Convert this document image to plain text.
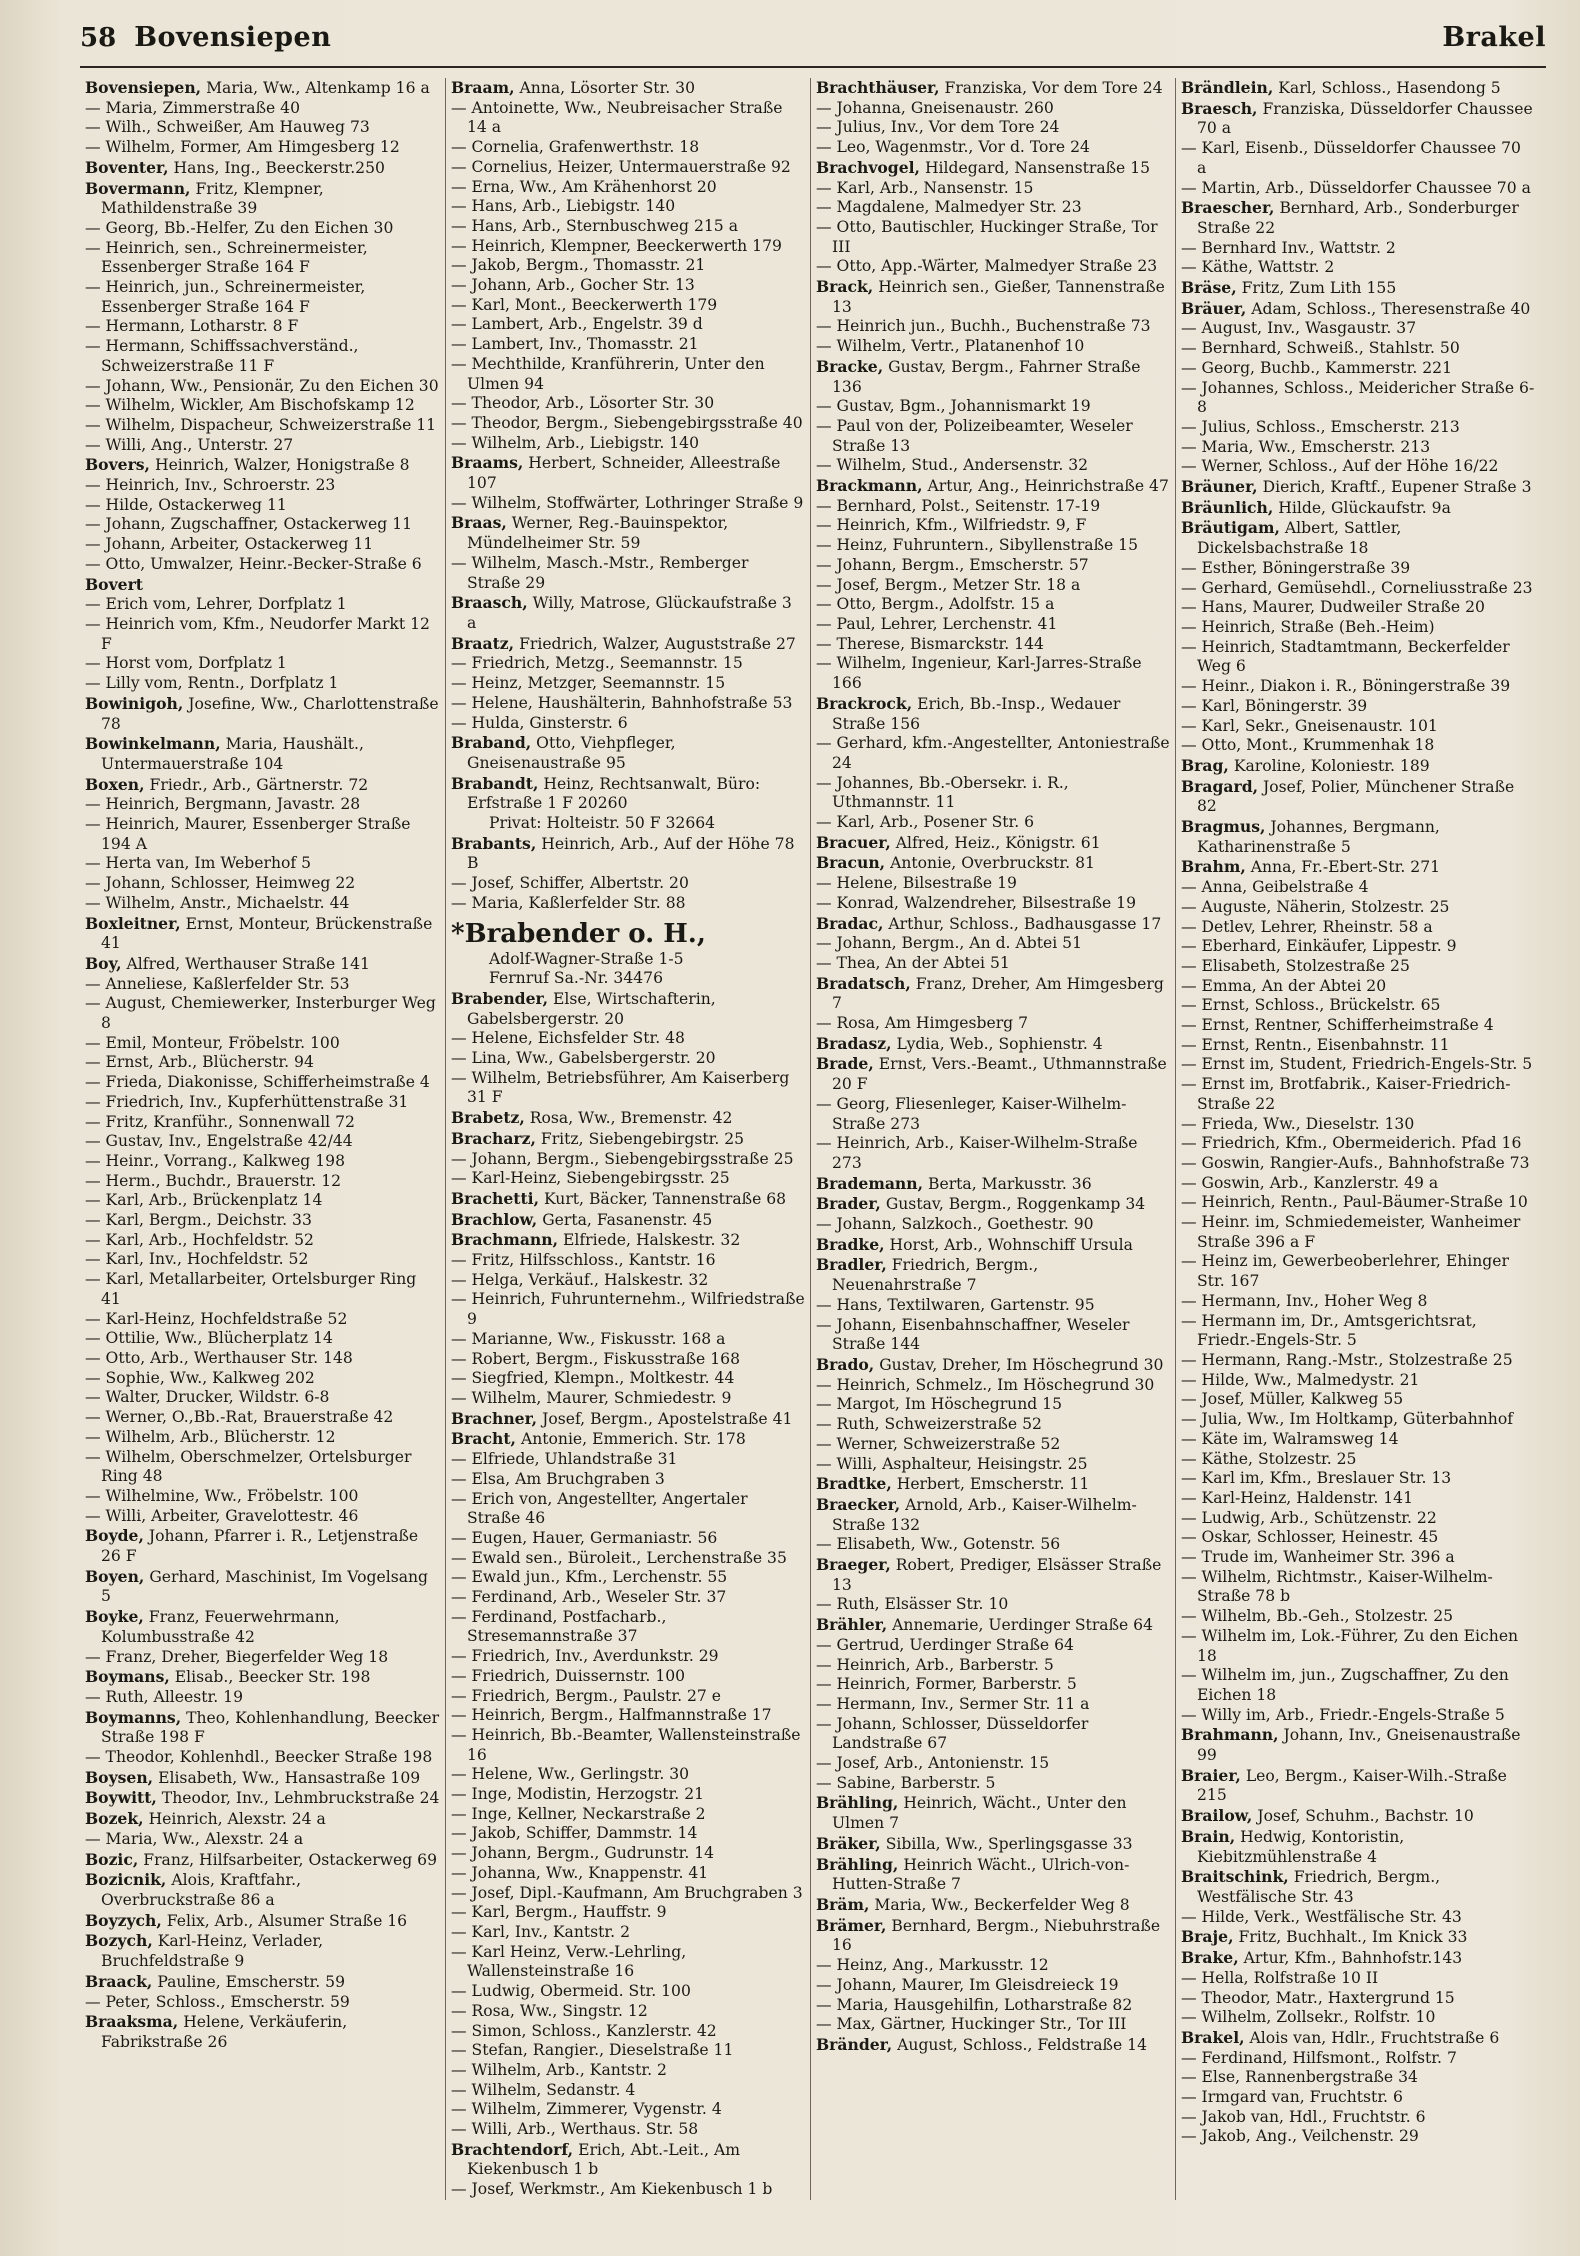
58 Bovensiepen	Brakel
Bovensiepen, Maria, Ww., Altenkamp 16 a
— Maria, Zimmerstraße 40
— Wilh., Schweißer, Am Hauweg 73
— Wilhelm, Former, Am Himgesberg 12
Boventer, Hans, Ing., Beeckerstr.250
Bovermann, Fritz, Klempner, Mathildenstraße 39
— Georg, Bb.-Helfer, Zu den Eichen 30
— Heinrich, sen., Schreinermeister, Essenberger Straße 164 F
— Heinrich, jun., Schreinermeister, Essenberger Straße 164 F
— Hermann, Lotharstr. 8 F
— Hermann, Schiffssachverständ., Schweizerstraße 11 F
— Johann, Ww., Pensionär, Zu den Eichen 30
— Wilhelm, Wickler, Am Bischofskamp 12
— Wilhelm, Dispacheur, Schweizerstraße 11
— Willi, Ang., Unterstr. 27
Bovers, Heinrich, Walzer, Honigstraße 8
— Heinrich, Inv., Schroerstr. 23
— Hilde, Ostackerweg 11
— Johann, Zugschaffner, Ostackerweg 11
— Johann, Arbeiter, Ostackerweg 11
— Otto, Umwalzer, Heinr.-Becker-Straße 6
Bovert
— Erich vom, Lehrer, Dorfplatz 1
— Heinrich vom, Kfm., Neudorfer Markt 12 F
— Horst vom, Dorfplatz 1
— Lilly vom, Rentn., Dorfplatz 1
Bowinigoh, Josefine, Ww., Charlottenstraße 78
Bowinkelmann, Maria, Haushält., Untermauerstraße 104
Boxen, Friedr., Arb., Gärtnerstr. 72
— Heinrich, Bergmann, Javastr. 28
— Heinrich, Maurer, Essenberger Straße 194 A
— Herta van, Im Weberhof 5
— Johann, Schlosser, Heimweg 22
— Wilhelm, Anstr., Michaelstr. 44
Boxleitner, Ernst, Monteur, Brückenstraße 41
Boy, Alfred, Werthauser Straße 141
— Anneliese, Kaßlerfelder Str. 53
— August, Chemiewerker, Insterburger Weg 8
— Emil, Monteur, Fröbelstr. 100
— Ernst, Arb., Blücherstr. 94
— Frieda, Diakonisse, Schifferheimstraße 4
— Friedrich, Inv., Kupferhüttenstraße 31
— Fritz, Kranführ., Sonnenwall 72
— Gustav, Inv., Engelstraße 42/44
— Heinr., Vorrang., Kalkweg 198
— Herm., Buchdr., Brauerstr. 12
— Karl, Arb., Brückenplatz 14
— Karl, Bergm., Deichstr. 33
— Karl, Arb., Hochfeldstr. 52
— Karl, Inv., Hochfeldstr. 52
— Karl, Metallarbeiter, Ortelsburger Ring 41
— Karl-Heinz, Hochfeldstraße 52
— Ottilie, Ww., Blücherplatz 14
— Otto, Arb., Werthauser Str. 148
— Sophie, Ww., Kalkweg 202
— Walter, Drucker, Wildstr. 6-8
— Werner, O.,Bb.-Rat, Brauerstraße 42
— Wilhelm, Arb., Blücherstr. 12
— Wilhelm, Oberschmelzer, Ortelsburger Ring 48
— Wilhelmine, Ww., Fröbelstr. 100
— Willi, Arbeiter, Gravelottestr. 46
Boyde, Johann, Pfarrer i. R., Letjenstraße 26 F
Boyen, Gerhard, Maschinist, Im Vogelsang 5
Boyke, Franz, Feuerwehrmann, Kolumbusstraße 42
— Franz, Dreher, Biegerfelder Weg 18
Boymans, Elisab., Beecker Str. 198
— Ruth, Alleestr. 19
Boymanns, Theo, Kohlenhandlung, Beecker Straße 198 F
— Theodor, Kohlenhdl., Beecker Straße 198
Boysen, Elisabeth, Ww., Hansastraße 109
Boywitt, Theodor, Inv., Lehmbruckstraße 24
Bozek, Heinrich, Alexstr. 24 a
— Maria, Ww., Alexstr. 24 a
Bozic, Franz, Hilfsarbeiter, Ostackerweg 69
Bozicnik, Alois, Kraftfahr., Overbruckstraße 86 a
Boyzych, Felix, Arb., Alsumer Straße 16
Bozych, Karl-Heinz, Verlader, Bruchfeldstraße 9
Braack, Pauline, Emscherstr. 59
— Peter, Schloss., Emscherstr. 59
Braaksma, Helene, Verkäuferin, Fabrikstraße 26
Braam, Anna, Lösorter Str. 30
— Antoinette, Ww., Neubreisacher Straße 14 a
— Cornelia, Grafenwerthstr. 18
— Cornelius, Heizer, Untermauerstraße 92
— Erna, Ww., Am Krähenhorst 20
— Hans, Arb., Liebigstr. 140
— Hans, Arb., Sternbuschweg 215 a
— Heinrich, Klempner, Beeckerwerth 179
— Jakob, Bergm., Thomasstr. 21
— Johann, Arb., Gocher Str. 13
— Karl, Mont., Beeckerwerth 179
— Lambert, Arb., Engelstr. 39 d
— Lambert, Inv., Thomasstr. 21
— Mechthilde, Kranführerin, Unter den Ulmen 94
— Theodor, Arb., Lösorter Str. 30
— Theodor, Bergm., Siebengebirgsstraße 40
— Wilhelm, Arb., Liebigstr. 140
Braams, Herbert, Schneider, Alleestraße 107
— Wilhelm, Stoffwärter, Lothringer Straße 9
Braas, Werner, Reg.-Bauinspektor, Mündelheimer Str. 59
— Wilhelm, Masch.-Mstr., Remberger Straße 29
Braasch, Willy, Matrose, Glückaufstraße 3 a
Braatz, Friedrich, Walzer, Auguststraße 27
— Friedrich, Metzg., Seemannstr. 15
— Heinz, Metzger, Seemannstr. 15
— Helene, Haushälterin, Bahnhofstraße 53
— Hulda, Ginsterstr. 6
Braband, Otto, Viehpfleger, Gneisenaustraße 95
Brabandt, Heinz, Rechtsanwalt, Büro: Erfstraße 1 F 20260
Privat: Holteistr. 50 F 32664
Brabants, Heinrich, Arb., Auf der Höhe 78 B
— Josef, Schiffer, Albertstr. 20
— Maria, Kaßlerfelder Str. 88
*Brabender o. H.,
Adolf-Wagner-Straße 1-5
Fernruf Sa.-Nr. 34476
Brabender, Else, Wirtschafterin, Gabelsbergerstr. 20
— Helene, Eichsfelder Str. 48
— Lina, Ww., Gabelsbergerstr. 20
— Wilhelm, Betriebsführer, Am Kaiserberg 31 F
Brabetz, Rosa, Ww., Bremenstr. 42
Bracharz, Fritz, Siebengebirgstr. 25
— Johann, Bergm., Siebengebirgsstraße 25
— Karl-Heinz, Siebengebirgsstr. 25
Brachetti, Kurt, Bäcker, Tannenstraße 68
Brachlow, Gerta, Fasanenstr. 45
Brachmann, Elfriede, Halskestr. 32
— Fritz, Hilfsschloss., Kantstr. 16
— Helga, Verkäuf., Halskestr. 32
— Heinrich, Fuhrunternehm., Wilfriedstraße 9
— Marianne, Ww., Fiskusstr. 168 a
— Robert, Bergm., Fiskusstraße 168
— Siegfried, Klempn., Moltkestr. 44
— Wilhelm, Maurer, Schmiedestr. 9
Brachner, Josef, Bergm., Apostelstraße 41
Bracht, Antonie, Emmerich. Str. 178
— Elfriede, Uhlandstraße 31
— Elsa, Am Bruchgraben 3
— Erich von, Angestellter, Angertaler Straße 46
— Eugen, Hauer, Germaniastr. 56
— Ewald sen., Büroleit., Lerchenstraße 35
— Ewald jun., Kfm., Lerchenstr. 55
— Ferdinand, Arb., Weseler Str. 37
— Ferdinand, Postfacharb., Stresemannstraße 37
— Friedrich, Inv., Averdunkstr. 29
— Friedrich, Duissernstr. 100
— Friedrich, Bergm., Paulstr. 27 e
— Heinrich, Bergm., Halfmannstraße 17
— Heinrich, Bb.-Beamter, Wallensteinstraße 16
— Helene, Ww., Gerlingstr. 30
— Inge, Modistin, Herzogstr. 21
— Inge, Kellner, Neckarstraße 2
— Jakob, Schiffer, Dammstr. 14
— Johann, Bergm., Gudrunstr. 14
— Johanna, Ww., Knappenstr. 41
— Josef, Dipl.-Kaufmann, Am Bruchgraben 3
— Karl, Bergm., Hauffstr. 9
— Karl, Inv., Kantstr. 2
— Karl Heinz, Verw.-Lehrling, Wallensteinstraße 16
— Ludwig, Obermeid. Str. 100
— Rosa, Ww., Singstr. 12
— Simon, Schloss., Kanzlerstr. 42
— Stefan, Rangier., Dieselstraße 11
— Wilhelm, Arb., Kantstr. 2
— Wilhelm, Sedanstr. 4
— Wilhelm, Zimmerer, Vygenstr. 4
— Willi, Arb., Werthaus. Str. 58
Brachtendorf, Erich, Abt.-Leit., Am Kiekenbusch 1 b
— Josef, Werkmstr., Am Kiekenbusch 1 b
Brachthäuser, Franziska, Vor dem Tore 24
— Johanna, Gneisenaustr. 260
— Julius, Inv., Vor dem Tore 24
— Leo, Wagenmstr., Vor d. Tore 24
Brachvogel, Hildegard, Nansenstraße 15
— Karl, Arb., Nansenstr. 15
— Magdalene, Malmedyer Str. 23
— Otto, Bautischler, Huckinger Straße, Tor III
— Otto, App.-Wärter, Malmedyer Straße 23
Brack, Heinrich sen., Gießer, Tannenstraße 13
— Heinrich jun., Buchh., Buchenstraße 73
— Wilhelm, Vertr., Platanenhof 10
Bracke, Gustav, Bergm., Fahrner Straße 136
— Gustav, Bgm., Johannismarkt 19
— Paul von der, Polizeibeamter, Weseler Straße 13
— Wilhelm, Stud., Andersenstr. 32
Brackmann, Artur, Ang., Heinrichstraße 47
— Bernhard, Polst., Seitenstr. 17-19
— Heinrich, Kfm., Wilfriedstr. 9, F
— Heinz, Fuhruntern., Sibyllenstraße 15
— Johann, Bergm., Emscherstr. 57
— Josef, Bergm., Metzer Str. 18 a
— Otto, Bergm., Adolfstr. 15 a
— Paul, Lehrer, Lerchenstr. 41
— Therese, Bismarckstr. 144
— Wilhelm, Ingenieur, Karl-Jarres-Straße 166
Brackrock, Erich, Bb.-Insp., Wedauer Straße 156
— Gerhard, kfm.-Angestellter, Antoniestraße 24
— Johannes, Bb.-Obersekr. i. R., Uthmannstr. 11
— Karl, Arb., Posener Str. 6
Bracuer, Alfred, Heiz., Königstr. 61
Bracun, Antonie, Overbruckstr. 81
— Helene, Bilsestraße 19
— Konrad, Walzendreher, Bilsestraße 19
Bradac, Arthur, Schloss., Badhausgasse 17
— Johann, Bergm., An d. Abtei 51
— Thea, An der Abtei 51
Bradatsch, Franz, Dreher, Am Himgesberg 7
— Rosa, Am Himgesberg 7
Bradasz, Lydia, Web., Sophienstr. 4
Brade, Ernst, Vers.-Beamt., Uthmannstraße 20 F
— Georg, Fliesenleger, Kaiser-Wilhelm-Straße 273
— Heinrich, Arb., Kaiser-Wilhelm-Straße 273
Brademann, Berta, Markusstr. 36
Brader, Gustav, Bergm., Roggenkamp 34
— Johann, Salzkoch., Goethestr. 90
Bradke, Horst, Arb., Wohnschiff Ursula
Bradler, Friedrich, Bergm., Neuenahrstraße 7
— Hans, Textilwaren, Gartenstr. 95
— Johann, Eisenbahnschaffner, Weseler Straße 144
Brado, Gustav, Dreher, Im Höschegrund 30
— Heinrich, Schmelz., Im Höschegrund 30
— Margot, Im Höschegrund 15
— Ruth, Schweizerstraße 52
— Werner, Schweizerstraße 52
— Willi, Asphalteur, Heisingstr. 25
Bradtke, Herbert, Emscherstr. 11
Braecker, Arnold, Arb., Kaiser-Wilhelm-Straße 132
— Elisabeth, Ww., Gotenstr. 56
Braeger, Robert, Prediger, Elsässer Straße 13
— Ruth, Elsässer Str. 10
Brähler, Annemarie, Uerdinger Straße 64
— Gertrud, Uerdinger Straße 64
— Heinrich, Arb., Barberstr. 5
— Heinrich, Former, Barberstr. 5
— Hermann, Inv., Sermer Str. 11 a
— Johann, Schlosser, Düsseldorfer Landstraße 67
— Josef, Arb., Antonienstr. 15
— Sabine, Barberstr. 5
Brähling, Heinrich, Wächt., Unter den Ulmen 7
Bräker, Sibilla, Ww., Sperlingsgasse 33
Brähling, Heinrich Wächt., Ulrich-von-Hutten-Straße 7
Bräm, Maria, Ww., Beckerfelder Weg 8
Brämer, Bernhard, Bergm., Niebuhrstraße 16
— Heinz, Ang., Markusstr. 12
— Johann, Maurer, Im Gleisdreieck 19
— Maria, Hausgehilfin, Lotharstraße 82
— Max, Gärtner, Huckinger Str., Tor III
Bränder, August, Schloss., Feldstraße 14
Brändlein, Karl, Schloss., Hasendong 5
Braesch, Franziska, Düsseldorfer Chaussee 70 a
— Karl, Eisenb., Düsseldorfer Chaussee 70 a
— Martin, Arb., Düsseldorfer Chaussee 70 a
Braescher, Bernhard, Arb., Sonderburger Straße 22
— Bernhard Inv., Wattstr. 2
— Käthe, Wattstr. 2
Bräse, Fritz, Zum Lith 155
Bräuer, Adam, Schloss., Theresenstraße 40
— August, Inv., Wasgaustr. 37
— Bernhard, Schweiß., Stahlstr. 50
— Georg, Buchb., Kammerstr. 221
— Johannes, Schloss., Meidericher Straße 6-8
— Julius, Schloss., Emscherstr. 213
— Maria, Ww., Emscherstr. 213
— Werner, Schloss., Auf der Höhe 16/22
Bräuner, Dierich, Kraftf., Eupener Straße 3
Bräunlich, Hilde, Glückaufstr. 9a
Bräutigam, Albert, Sattler, Dickelsbachstraße 18
— Esther, Böningerstraße 39
— Gerhard, Gemüsehdl., Corneliusstraße 23
— Hans, Maurer, Dudweiler Straße 20
— Heinrich, Straße (Beh.-Heim)
— Heinrich, Stadtamtmann, Beckerfelder Weg 6
— Heinr., Diakon i. R., Böningerstraße 39
— Karl, Böningerstr. 39
— Karl, Sekr., Gneisenaustr. 101
— Otto, Mont., Krummenhak 18
Brag, Karoline, Koloniestr. 189
Bragard, Josef, Polier, Münchener Straße 82
Bragmus, Johannes, Bergmann, Katharinenstraße 5
Brahm, Anna, Fr.-Ebert-Str. 271
— Anna, Geibelstraße 4
— Auguste, Näherin, Stolzestr. 25
— Detlev, Lehrer, Rheinstr. 58 a
— Eberhard, Einkäufer, Lippestr. 9
— Elisabeth, Stolzestraße 25
— Emma, An der Abtei 20
— Ernst, Schloss., Brückelstr. 65
— Ernst, Rentner, Schifferheimstraße 4
— Ernst, Rentn., Eisenbahnstr. 11
— Ernst im, Student, Friedrich-Engels-Str. 5
— Ernst im, Brotfabrik., Kaiser-Friedrich-Straße 22
— Frieda, Ww., Dieselstr. 130
— Friedrich, Kfm., Obermeiderich. Pfad 16
— Goswin, Rangier-Aufs., Bahnhofstraße 73
— Goswin, Arb., Kanzlerstr. 49 a
— Heinrich, Rentn., Paul-Bäumer-Straße 10
— Heinr. im, Schmiedemeister, Wanheimer Straße 396 a F
— Heinz im, Gewerbeoberlehrer, Ehinger Str. 167
— Hermann, Inv., Hoher Weg 8
— Hermann im, Dr., Amtsgerichtsrat, Friedr.-Engels-Str. 5
— Hermann, Rang.-Mstr., Stolzestraße 25
— Hilde, Ww., Malmedystr. 21
— Josef, Müller, Kalkweg 55
— Julia, Ww., Im Holtkamp, Güterbahnhof
— Käte im, Walramsweg 14
— Käthe, Stolzestr. 25
— Karl im, Kfm., Breslauer Str. 13
— Karl-Heinz, Haldenstr. 141
— Ludwig, Arb., Schützenstr. 22
— Oskar, Schlosser, Heinestr. 45
— Trude im, Wanheimer Str. 396 a
— Wilhelm, Richtmstr., Kaiser-Wilhelm-Straße 78 b
— Wilhelm, Bb.-Geh., Stolzestr. 25
— Wilhelm im, Lok.-Führer, Zu den Eichen 18
— Wilhelm im, jun., Zugschaffner, Zu den Eichen 18
— Willy im, Arb., Friedr.-Engels-Straße 5
Brahmann, Johann, Inv., Gneisenaustraße 99
Braier, Leo, Bergm., Kaiser-Wilh.-Straße 215
Brailow, Josef, Schuhm., Bachstr. 10
Brain, Hedwig, Kontoristin, Kiebitzmühlenstraße 4
Braitschink, Friedrich, Bergm., Westfälische Str. 43
— Hilde, Verk., Westfälische Str. 43
Braje, Fritz, Buchhalt., Im Knick 33
Brake, Artur, Kfm., Bahnhofstr.143
— Hella, Rolfstraße 10 II
— Theodor, Matr., Haxtergrund 15
— Wilhelm, Zollsekr., Rolfstr. 10
Brakel, Alois van, Hdlr., Fruchtstraße 6
— Ferdinand, Hilfsmont., Rolfstr. 7
— Else, Rannenbergstraße 34
— Irmgard van, Fruchtstr. 6
— Jakob van, Hdl., Fruchtstr. 6
— Jakob, Ang., Veilchenstr. 29
